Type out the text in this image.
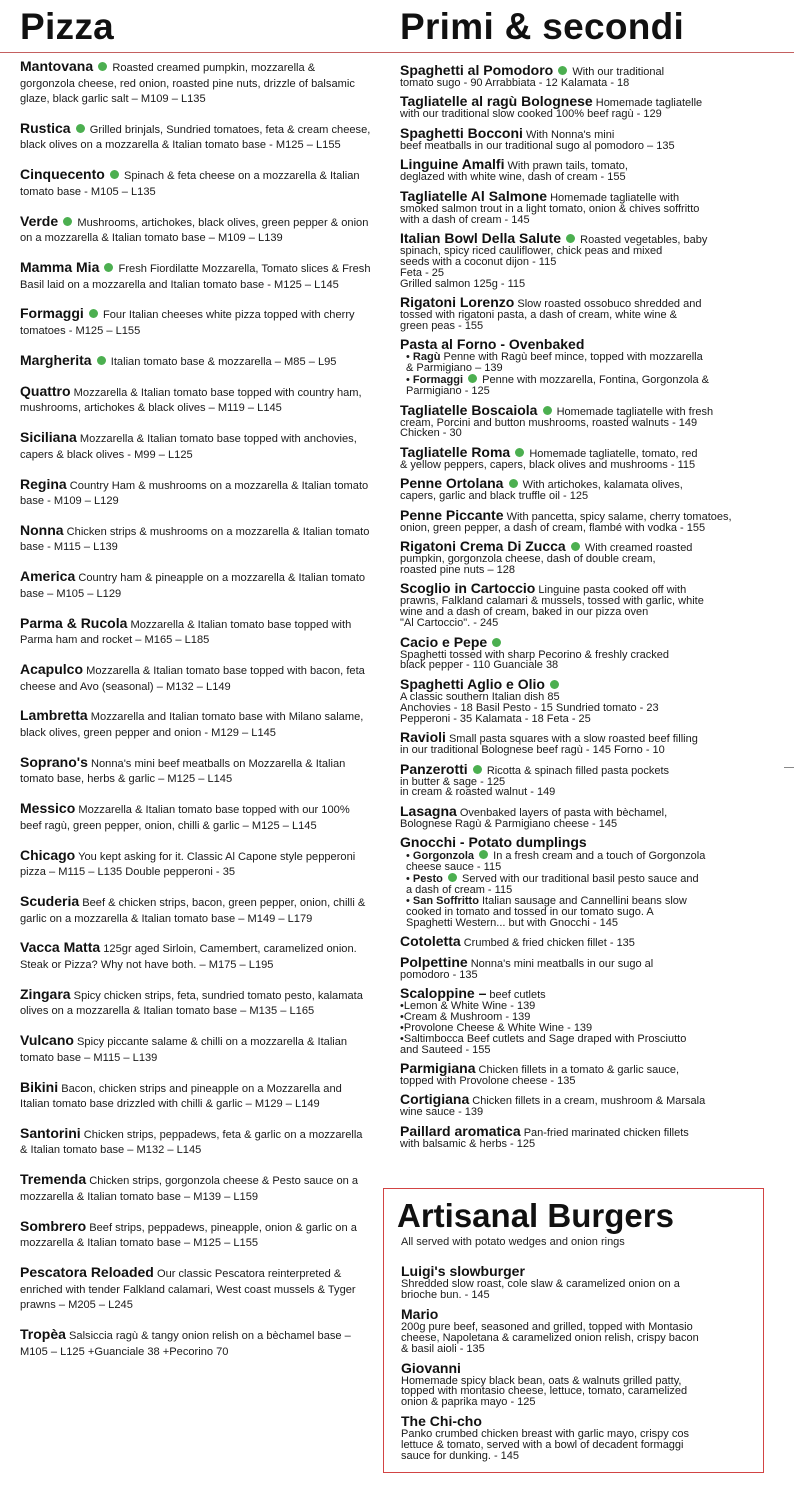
Pizza	Primi & secondi
Mantovana Roasted creamed pumpkin, mozzarella & gorgonzola cheese, red onion, roasted pine nuts, drizzle of balsamic glaze, black garlic salt – M109 – L135
Rustica Grilled brinjals, Sundried tomatoes, feta & cream cheese, black olives on a mozzarella & Italian tomato base - M125 – L155
Cinquecento Spinach & feta cheese on a mozzarella & Italian tomato base - M105 – L135
Verde Mushrooms, artichokes, black olives, green pepper & onion on a mozzarella & Italian tomato base – M109 – L139
Mamma Mia Fresh Fiordilatte Mozzarella, Tomato slices & Fresh Basil laid on a mozzarella and Italian tomato base - M125 – L145
Formaggi Four Italian cheeses white pizza topped with cherry tomatoes - M125 – L155
Margherita Italian tomato base & mozzarella – M85 – L95
Quattro Mozzarella & Italian tomato base topped with country ham, mushrooms, artichokes & black olives – M119 – L145
Siciliana Mozzarella & Italian tomato base topped with anchovies, capers & black olives - M99 – L125
Regina Country Ham & mushrooms on a mozzarella & Italian tomato base - M109 – L129
Nonna Chicken strips & mushrooms on a mozzarella & Italian tomato base - M115 – L139
America Country ham & pineapple on a mozzarella & Italian tomato base – M105 – L129
Parma & Rucola Mozzarella & Italian tomato base topped with Parma ham and rocket – M165 – L185
Acapulco Mozzarella & Italian tomato base topped with bacon, feta cheese and Avo (seasonal) – M132 – L149
Lambretta Mozzarella and Italian tomato base with Milano salame, black olives, green pepper and onion - M129 – L145
Soprano's Nonna's mini beef meatballs on Mozzarella & Italian tomato base, herbs & garlic – M125 – L145
Messico Mozzarella & Italian tomato base topped with our 100% beef ragù, green pepper, onion, chilli & garlic – M125 – L145
Chicago You kept asking for it. Classic Al Capone style pepperoni pizza – M115 – L135 Double pepperoni - 35
Scuderia Beef & chicken strips, bacon, green pepper, onion, chilli & garlic on a mozzarella & Italian tomato base – M149 – L179
Vacca Matta 125gr aged Sirloin, Camembert, caramelized onion. Steak or Pizza? Why not have both. – M175 – L195
Zingara Spicy chicken strips, feta, sundried tomato pesto, kalamata olives on a mozzarella & Italian tomato base – M135 – L165
Vulcano Spicy piccante salame & chilli on a mozzarella & Italian tomato base – M115 – L139
Bikini Bacon, chicken strips and pineapple on a Mozzarella and Italian tomato base drizzled with chilli & garlic – M129 – L149
Santorini Chicken strips, peppadews, feta & garlic on a mozzarella & Italian tomato base – M132 – L145
Tremenda Chicken strips, gorgonzola cheese & Pesto sauce on a mozzarella & Italian tomato base – M139 – L159
Sombrero Beef strips, peppadews, pineapple, onion & garlic on a mozzarella & Italian tomato base – M125 – L155
Pescatora Reloaded Our classic Pescatora reinterpreted & enriched with tender Falkland calamari, West coast mussels & Tyger prawns – M205 – L245
Tropèa Salsiccia ragù & tangy onion relish on a bèchamel base – M105 – L125 +Guanciale 38 +Pecorino 70
Spaghetti al Pomodoro With our traditional
tomato sugo - 90 Arrabbiata - 12 Kalamata - 18
Tagliatelle al ragù Bolognese Homemade tagliatelle
with our traditional slow cooked 100% beef ragù - 129
Spaghetti Bocconi With Nonna's mini
beef meatballs in our traditional sugo al pomodoro – 135
Linguine Amalfi With prawn tails, tomato,
deglazed with white wine, dash of cream - 155
Tagliatelle Al Salmone Homemade tagliatelle with
smoked salmon trout in a light tomato, onion & chives soffritto
with a dash of cream - 145
Italian Bowl Della Salute Roasted vegetables, baby
spinach, spicy riced cauliflower, chick peas and mixed
seeds with a coconut dijon - 115
Feta - 25
Grilled salmon 125g - 115
Rigatoni Lorenzo Slow roasted ossobuco shredded and
tossed with rigatoni pasta, a dash of cream, white wine &
green peas - 155
Pasta al Forno - Ovenbaked
• Ragù Penne with Ragù beef mince, topped with mozzarella
& Parmigiano – 139
• Formaggi Penne with mozzarella, Fontina, Gorgonzola &
Parmigiano - 125
Tagliatelle Boscaiola Homemade tagliatelle with fresh
cream, Porcini and button mushrooms, roasted walnuts - 149
Chicken - 30
Tagliatelle Roma Homemade tagliatelle, tomato, red
& yellow peppers, capers, black olives and mushrooms - 115
Penne Ortolana With artichokes, kalamata olives,
capers, garlic and black truffle oil - 125
Penne Piccante With pancetta, spicy salame, cherry tomatoes,
onion, green pepper, a dash of cream, flambé with vodka - 155
Rigatoni Crema Di Zucca With creamed roasted
pumpkin, gorgonzola cheese, dash of double cream,
roasted pine nuts – 128
Scoglio in Cartoccio Linguine pasta cooked off with
prawns, Falkland calamari & mussels, tossed with garlic, white
wine and a dash of cream, baked in our pizza oven
"Al Cartoccio". - 245
Cacio e Pepe
Spaghetti tossed with sharp Pecorino & freshly cracked
black pepper - 110 Guanciale 38
Spaghetti Aglio e Olio
A classic southern Italian dish 85
Anchovies - 18 Basil Pesto - 15 Sundried tomato - 23
Pepperoni - 35 Kalamata - 18 Feta - 25
Ravioli Small pasta squares with a slow roasted beef filling
in our traditional Bolognese beef ragù - 145 Forno - 10
Panzerotti Ricotta & spinach filled pasta pockets
in butter & sage - 125
in cream & roasted walnut - 149
Lasagna Ovenbaked layers of pasta with bèchamel,
Bolognese Ragù & Parmigiano cheese - 145
Gnocchi - Potato dumplings
• Gorgonzola In a fresh cream and a touch of Gorgonzola
cheese sauce - 115
• Pesto Served with our traditional basil pesto sauce and
a dash of cream - 115
• San Soffritto Italian sausage and Cannellini beans slow
cooked in tomato and tossed in our tomato sugo. A
Spaghetti Western... but with Gnocchi - 145
Cotoletta Crumbed & fried chicken fillet - 135
Polpettine Nonna's mini meatballs in our sugo al
pomodoro - 135
Scaloppine – beef cutlets
•Lemon & White Wine - 139
•Cream & Mushroom - 139
•Provolone Cheese & White Wine - 139
•Saltimbocca Beef cutlets and Sage draped with Prosciutto
and Sauteed - 155
Parmigiana Chicken fillets in a tomato & garlic sauce,
topped with Provolone cheese - 135
Cortigiana Chicken fillets in a cream, mushroom & Marsala
wine sauce - 139
Paillard aromatica Pan-fried marinated chicken fillets
with balsamic & herbs - 125
Artisanal Burgers
All served with potato wedges and onion rings
Luigi's slowburger
Shredded slow roast, cole slaw & caramelized onion on a
brioche bun. - 145
Mario
200g pure beef, seasoned and grilled, topped with Montasio
cheese, Napoletana & caramelized onion relish, crispy bacon
& basil aioli - 135
Giovanni
Homemade spicy black bean, oats & walnuts grilled patty,
topped with montasio cheese, lettuce, tomato, caramelized
onion & paprika mayo - 125
The Chi-cho
Panko crumbed chicken breast with garlic mayo, crispy cos
lettuce & tomato, served with a bowl of decadent formaggi
sauce for dunking. - 145
